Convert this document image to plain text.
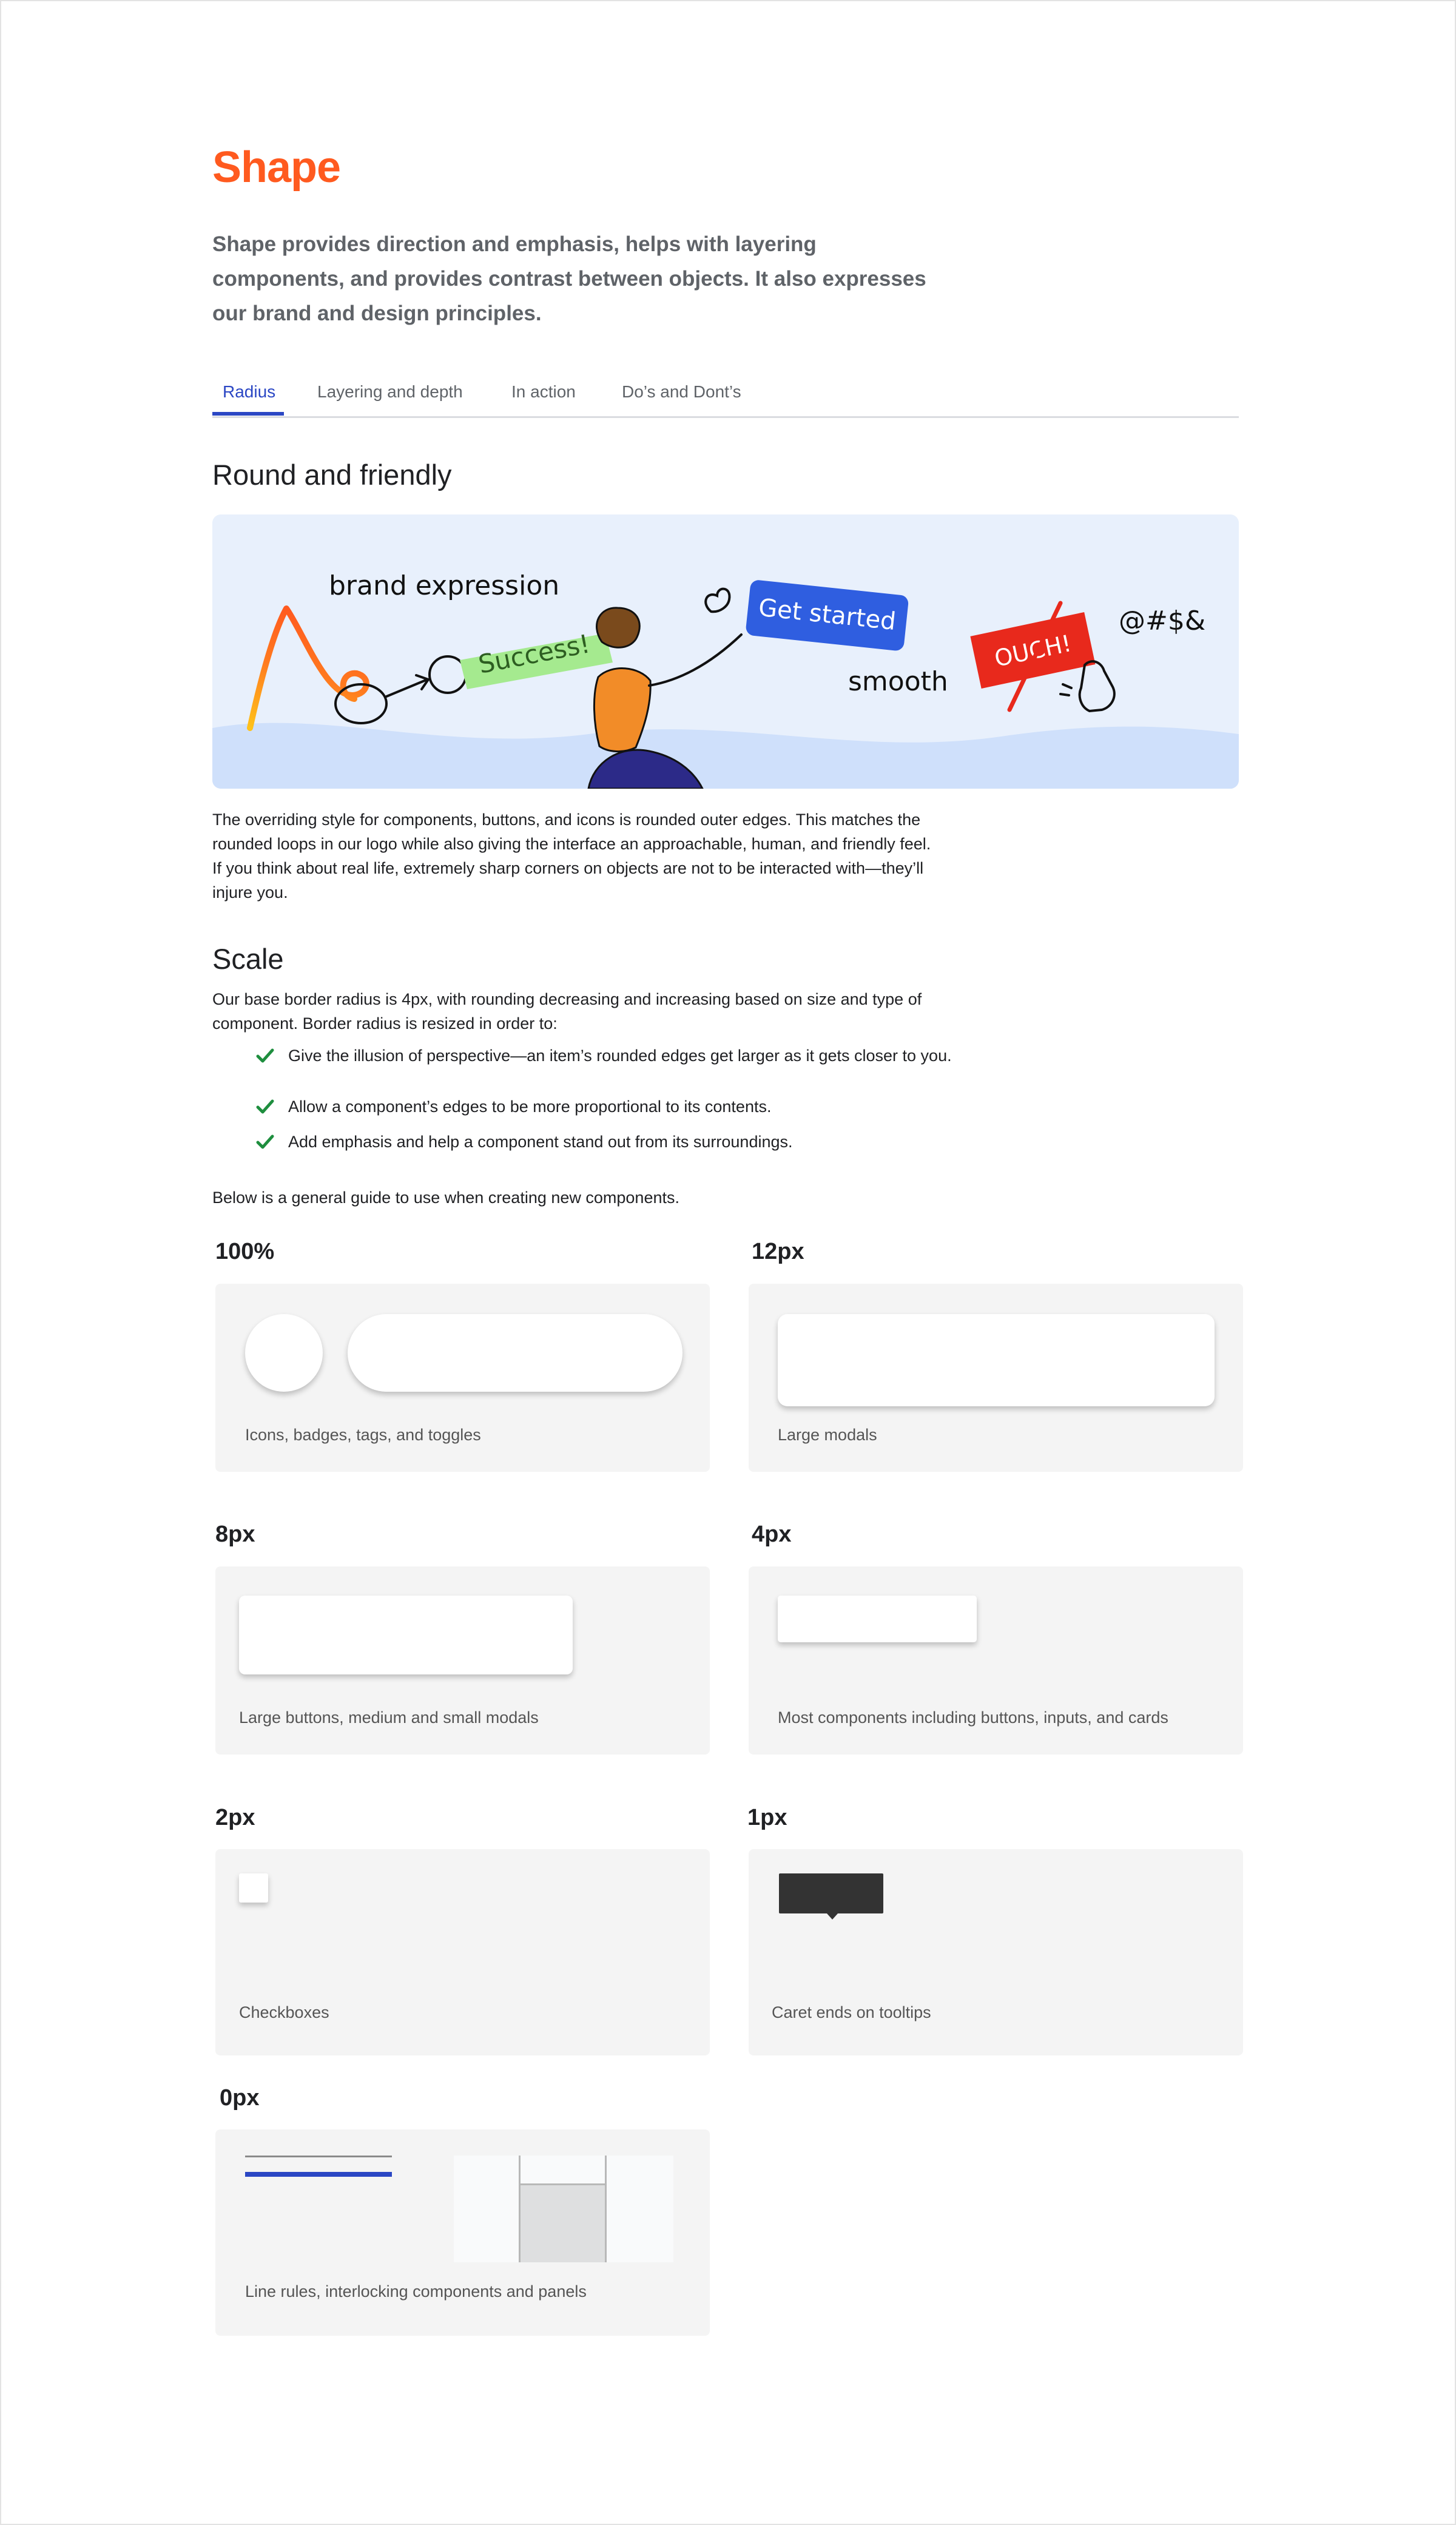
Shape
Shape provides direction and emphasis, helps with layering components, and provides contrast between objects. It also expresses our brand and design principles.
Radius Layering and depth	In action	Do’s and Dont’s
Round and friendly
Success!
brand expression
Get started
smooth
OUCH!
@#$&
The overriding style for components, buttons, and icons is rounded outer edges. This matches the rounded loops in our logo while also giving the interface an approachable, human, and friendly feel. If you think about real life, extremely sharp corners on objects are not to be interacted with—they’ll injure you.
Scale
Our base border radius is 4px, with rounding decreasing and increasing based on size and type of component. Border radius is resized in order to:
Give the illusion of perspective—an item’s rounded edges get larger as it gets closer to you.
Allow a component’s edges to be more proportional to its contents.
Add emphasis and help a component stand out from its surroundings.
Below is a general guide to use when creating new components.
100%
Icons, badges, tags, and toggles
12px
Large modals
8px
Large buttons, medium and small modals
4px
Most components including buttons, inputs, and cards
2px
Checkboxes
1px
Caret ends on tooltips
0px
Line rules, interlocking components and panels
